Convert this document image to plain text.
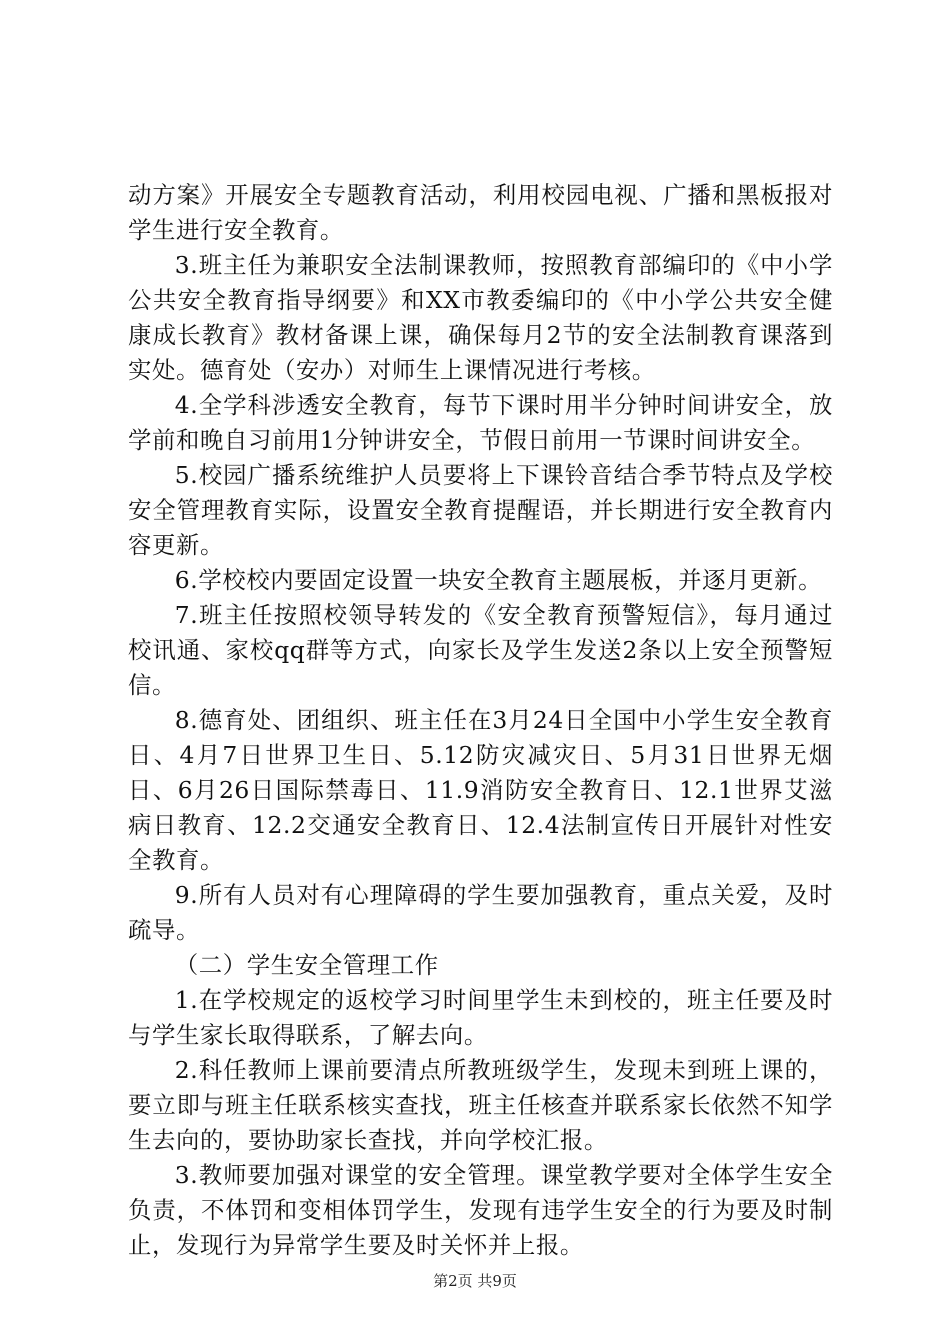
动方案》开展安全专题教育活动，利用校园电视、广播和黑板报对学生进行安全教育。

3.班主任为兼职安全法制课教师，按照教育部编印的《中小学公共安全教育指导纲要》和XX市教委编印的《中小学公共安全健康成长教育》教材备课上课，确保每月2节的安全法制教育课落到实处。德育处（安办）对师生上课情况进行考核。

4.全学科涉透安全教育，每节下课时用半分钟时间讲安全，放学前和晚自习前用1分钟讲安全，节假日前用一节课时间讲安全。

5.校园广播系统维护人员要将上下课铃音结合季节特点及学校安全管理教育实际，设置安全教育提醒语，并长期进行安全教育内容更新。

6.学校校内要固定设置一块安全教育主题展板，并逐月更新。

7.班主任按照校领导转发的《安全教育预警短信》，每月通过校讯通、家校qq群等方式，向家长及学生发送2条以上安全预警短信。

8.德育处、团组织、班主任在3月24日全国中小学生安全教育日、4月7日世界卫生日、5.12防灾减灾日、5月31日世界无烟日、6月26日国际禁毒日、11.9消防安全教育日、12.1世界艾滋病日教育、12.2交通安全教育日、12.4法制宣传日开展针对性安全教育。

9.所有人员对有心理障碍的学生要加强教育，重点关爱，及时疏导。

（二）学生安全管理工作

1.在学校规定的返校学习时间里学生未到校的，班主任要及时与学生家长取得联系，了解去向。

2.科任教师上课前要清点所教班级学生，发现未到班上课的，要立即与班主任联系核实查找，班主任核查并联系家长依然不知学生去向的，要协助家长查找，并向学校汇报。

3.教师要加强对课堂的安全管理。课堂教学要对全体学生安全负责，不体罚和变相体罚学生，发现有违学生安全的行为要及时制止，发现行为异常学生要及时关怀并上报。

第2页 共9页
